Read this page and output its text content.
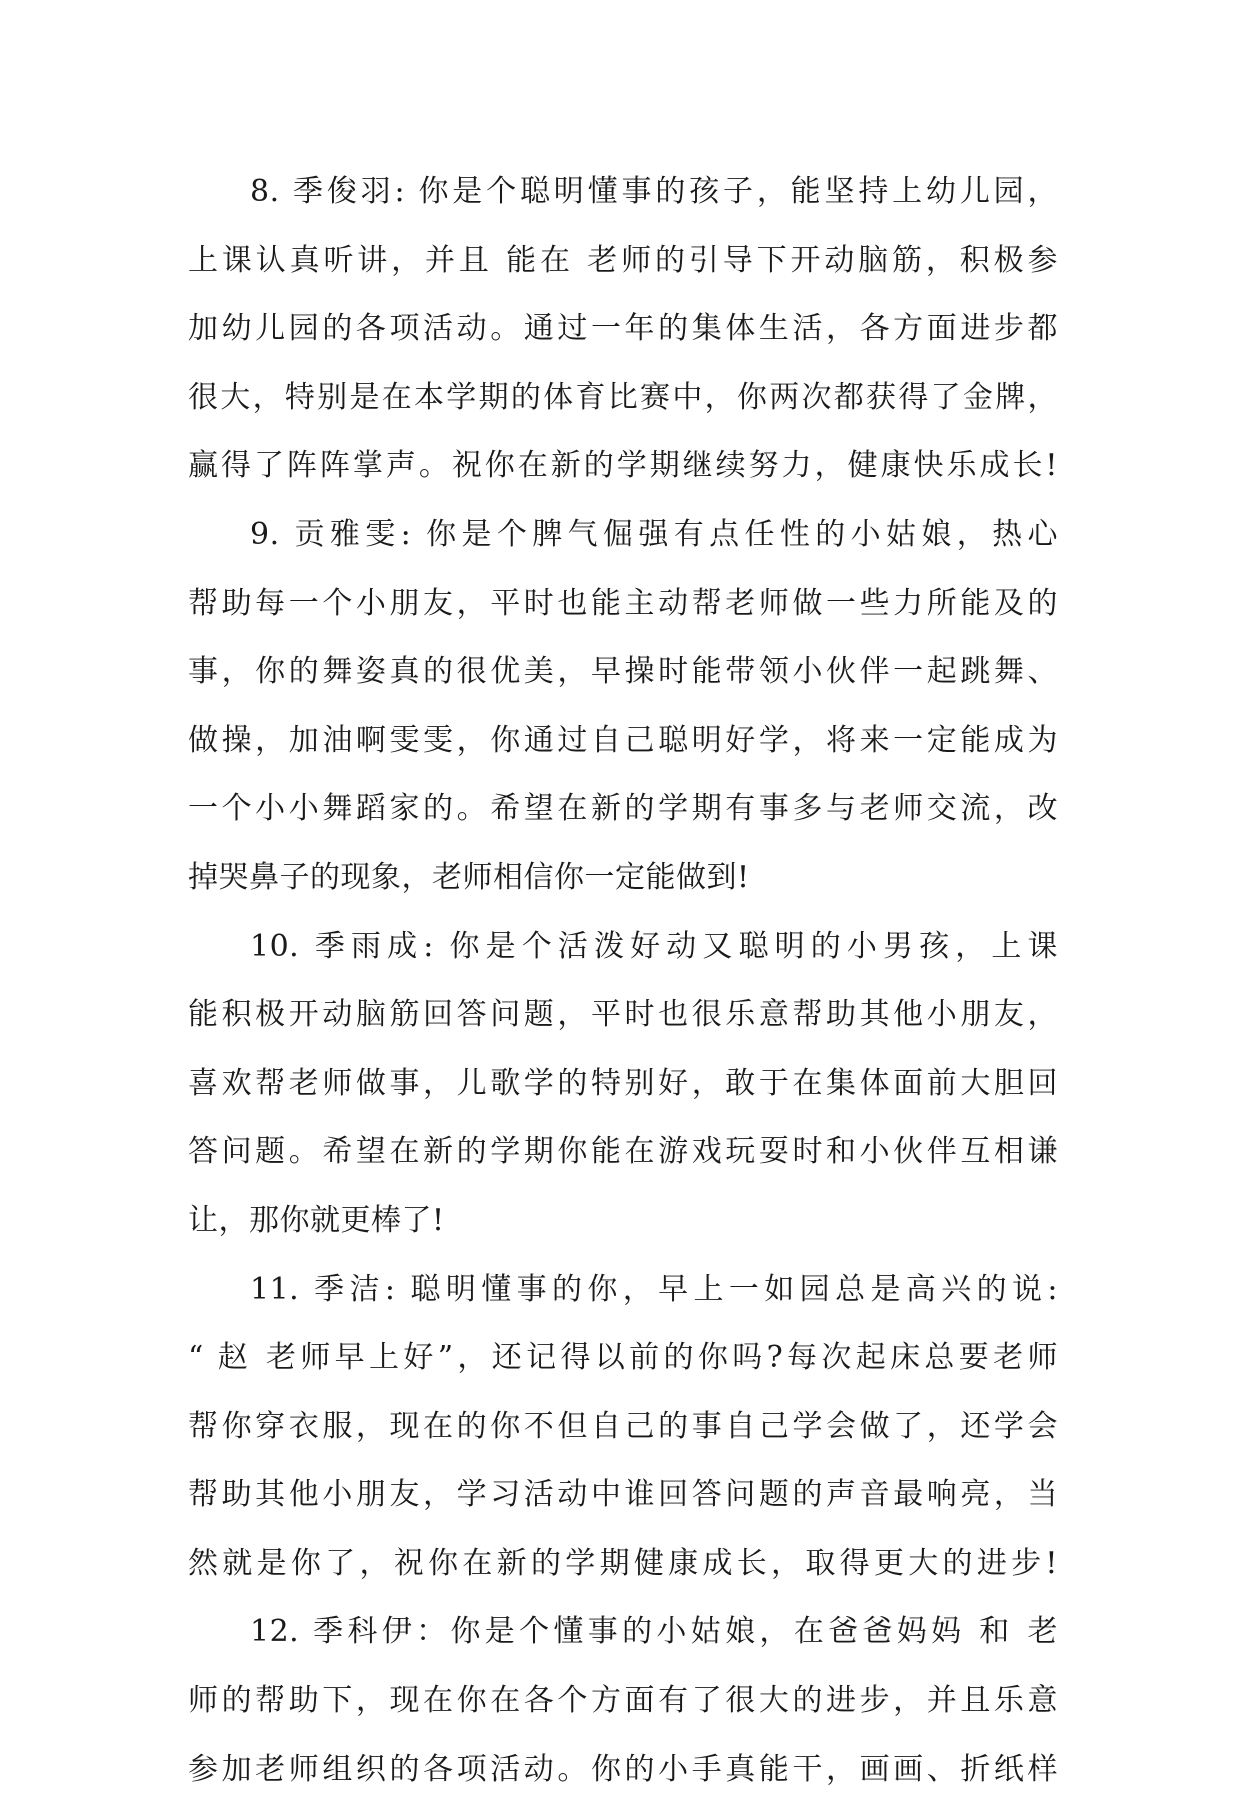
8. 季俊羽: 你是个聪明懂事的孩子，能坚持上幼儿园，
上课认真听讲，并且 能在 老师的引导下开动脑筋，积极参
加幼儿园的各项活动。通过一年的集体生活，各方面进步都
很大，特别是在本学期的体育比赛中，你两次都获得了金牌，
赢得了阵阵掌声。祝你在新的学期继续努力，健康快乐成长!
9. 贡雅雯: 你是个脾气倔强有点任性的小姑娘，热心
帮助每一个小朋友，平时也能主动帮老师做一些力所能及的
事，你的舞姿真的很优美，早操时能带领小伙伴一起跳舞、
做操，加油啊雯雯，你通过自己聪明好学，将来一定能成为
一个小小舞蹈家的。希望在新的学期有事多与老师交流，改
掉哭鼻子的现象，老师相信你一定能做到!
10. 季雨成: 你是个活泼好动又聪明的小男孩，上课
能积极开动脑筋回答问题，平时也很乐意帮助其他小朋友，
喜欢帮老师做事，儿歌学的特别好，敢于在集体面前大胆回
答问题。希望在新的学期你能在游戏玩耍时和小伙伴互相谦
让，那你就更棒了!
11. 季洁: 聪明懂事的你，早上一如园总是高兴的说:
“ 赵 老师早上好”，还记得以前的你吗?每次起床总要老师
帮你穿衣服，现在的你不但自己的事自己学会做了，还学会
帮助其他小朋友，学习活动中谁回答问题的声音最响亮，当
然就是你了，祝你在新的学期健康成长，取得更大的进步!
12. 季科伊：你是个懂事的小姑娘，在爸爸妈妈 和 老
师的帮助下，现在你在各个方面有了很大的进步，并且乐意
参加老师组织的各项活动。你的小手真能干，画画、折纸样
